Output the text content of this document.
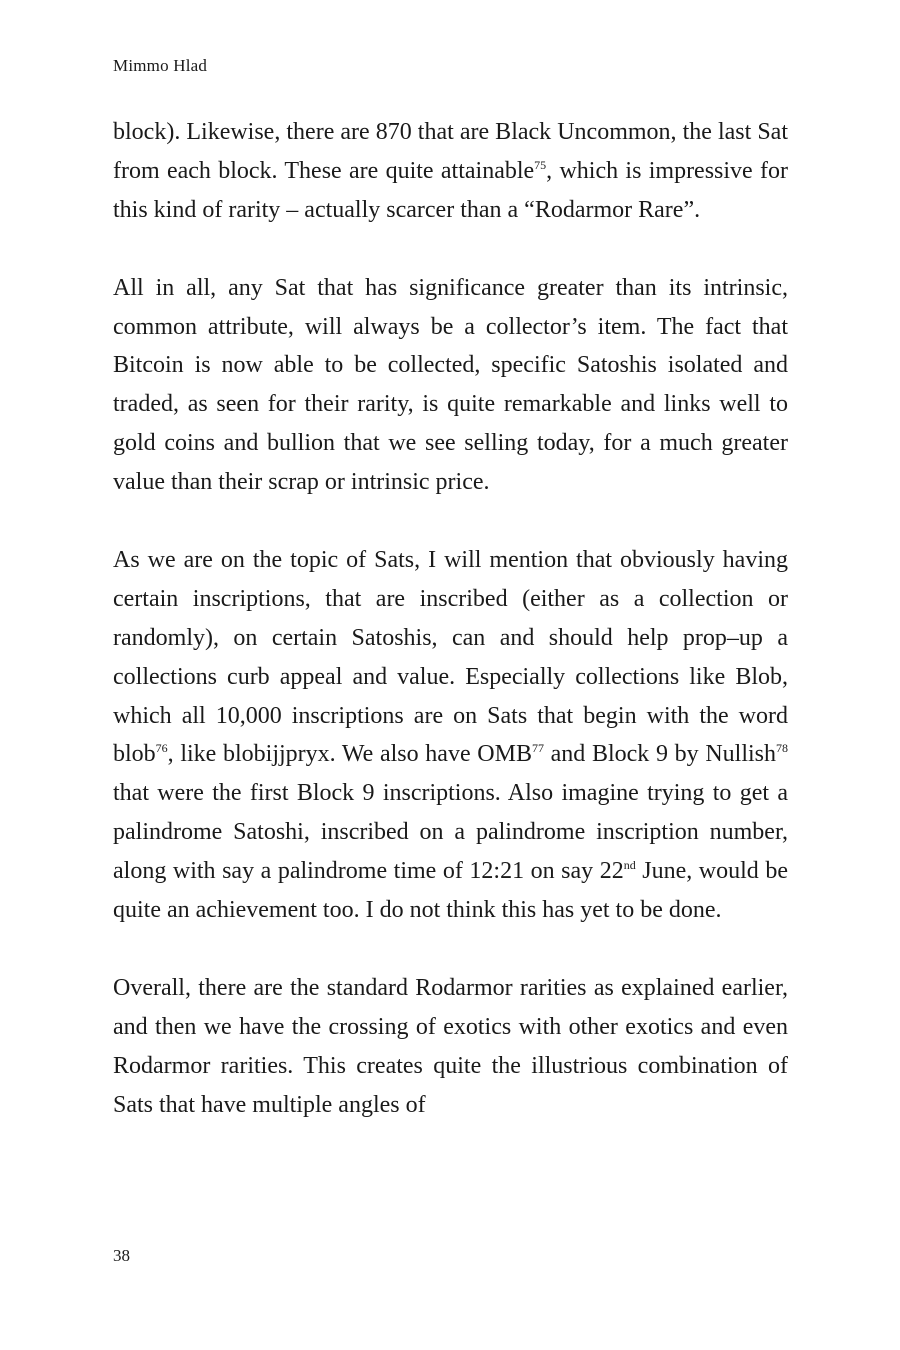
Mimmo Hlad

block). Likewise, there are 870 that are Black Uncommon, the last Sat from each block. These are quite attainable$^{75}$, which is impressive for this kind of rarity – actually scarcer than a “Rodarmor Rare”.

All in all, any Sat that has significance greater than its intrinsic, common attribute, will always be a collector’s item. The fact that Bitcoin is now able to be collected, specific Satoshis isolated and traded, as seen for their rarity, is quite remarkable and links well to gold coins and bullion that we see selling today, for a much greater value than their scrap or intrinsic price.

As we are on the topic of Sats, I will mention that obviously having certain inscriptions, that are inscribed (either as a collection or randomly), on certain Satoshis, can and should help prop–up a collections curb appeal and value. Especially collections like Blob, which all 10,000 inscriptions are on Sats that begin with the word blob$^{76}$, like blobijjpryx. We also have OMB$^{77}$ and Block 9 by Nullish$^{78}$ that were the first Block 9 inscriptions. Also imagine trying to get a palindrome Satoshi, inscribed on a palindrome inscription number, along with say a palindrome time of 12:21 on say 22nd June, would be quite an achievement too. I do not think this has yet to be done.

Overall, there are the standard Rodarmor rarities as explained earlier, and then we have the crossing of exotics with other exotics and even Rodarmor rarities. This creates quite the illustrious combination of Sats that have multiple angles of

38
